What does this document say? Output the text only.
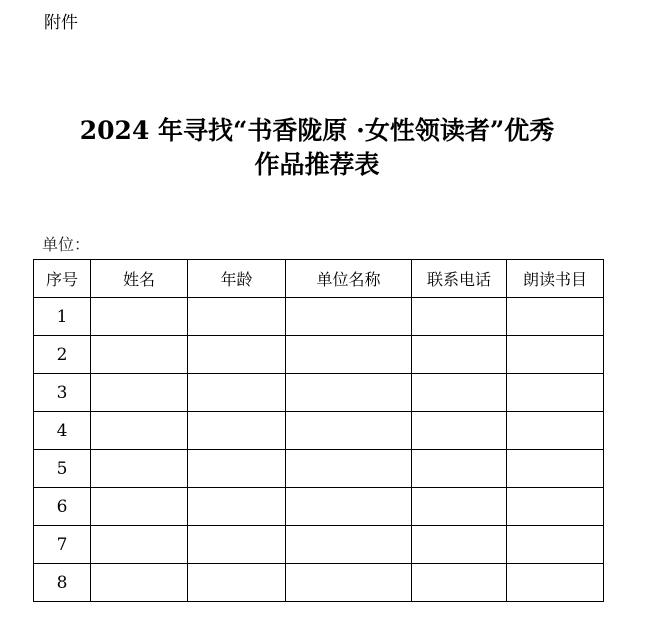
附件
2024 年寻找“书香陇原 ·女性领读者”优秀
作品推荐表
单位：
序号	姓名	年龄	单位名称	联系电话	朗读书目
1					
2					
3					
4					
5					
6					
7					
8					
